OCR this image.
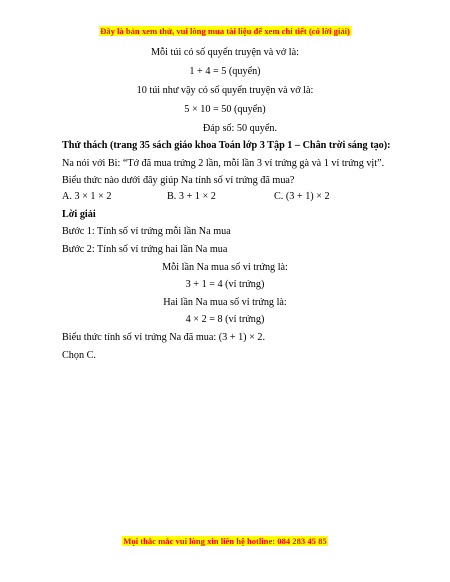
Đây là bản xem thử, vui lòng mua tài liệu để xem chi tiết (có lời giải)
Mỗi túi có số quyển truyện và vở là:
1 + 4 = 5 (quyển)
10 túi như vậy có số quyển truyện và vở là:
5 × 10 = 50 (quyển)
Đáp số: 50 quyển.
Thử thách (trang 35 sách giáo khoa Toán lớp 3 Tập 1 – Chân trời sáng tạo):
Na nói với Bi: “Tớ đã mua trứng 2 lần, mỗi lần 3 vỉ trứng gà và 1 vỉ trứng vịt”.
Biểu thức nào dưới đây giúp Na tính số vỉ trứng đã mua?
A. 3 × 1 × 2	B. 3 + 1 × 2	C. (3 + 1) × 2
Lời giải
Bước 1: Tính số vỉ trứng mỗi lần Na mua
Bước 2: Tính số vỉ trứng hai lần Na mua
Mỗi lần Na mua số vỉ trứng là:
3 + 1 = 4 (vỉ trứng)
Hai lần Na mua số vỉ trứng là:
4 × 2 = 8 (vỉ trứng)
Biểu thức tính số vỉ trứng Na đã mua: (3 + 1) × 2.
Chọn C.
Mọi thắc mắc vui lòng xin liên hệ hotline: 084 283 45 85
